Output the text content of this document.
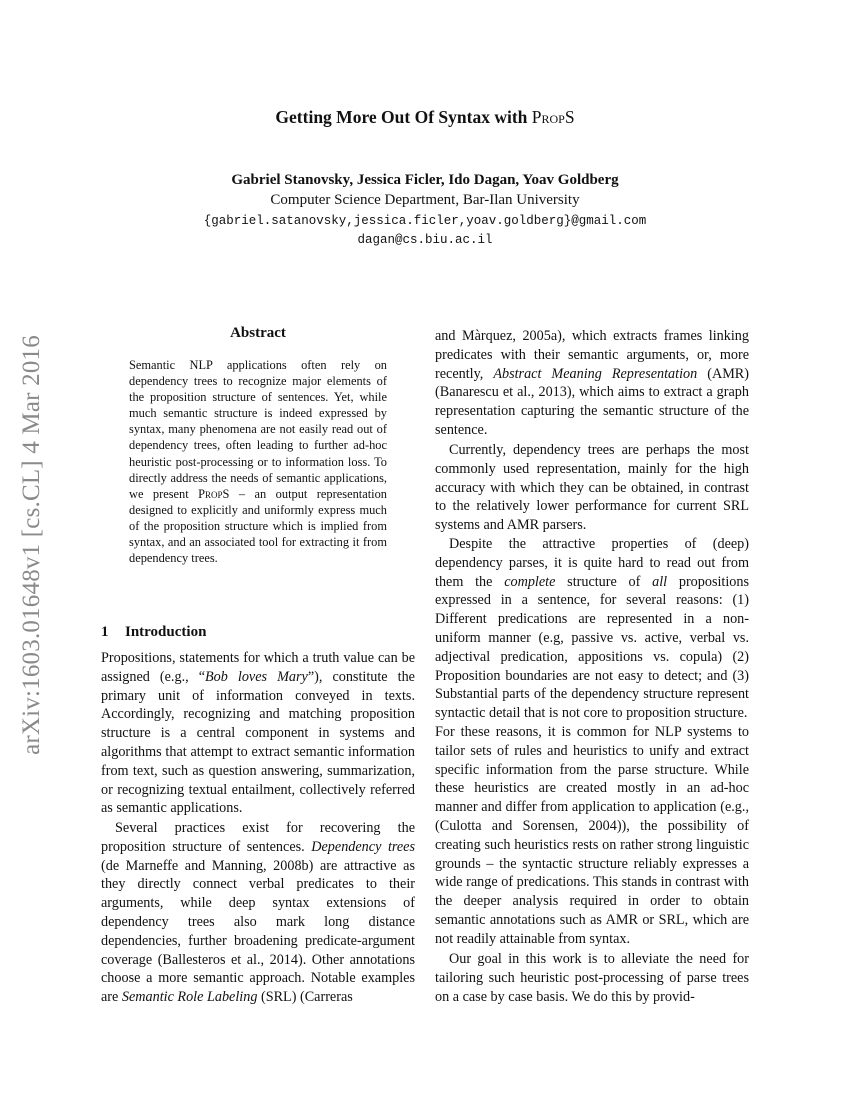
arXiv:1603.01648v1 [cs.CL] 4 Mar 2016
Getting More Out Of Syntax with PropS
Gabriel Stanovsky, Jessica Ficler, Ido Dagan, Yoav Goldberg
Computer Science Department, Bar-Ilan University
{gabriel.satanovsky,jessica.ficler,yoav.goldberg}@gmail.com
dagan@cs.biu.ac.il
Abstract

Semantic NLP applications often rely on dependency trees to recognize major elements of the proposition structure of sentences. Yet, while much semantic structure is indeed expressed by syntax, many phenomena are not easily read out of dependency trees, often leading to further ad-hoc heuristic post-processing or to information loss. To directly address the needs of semantic applications, we present PropS – an output representation designed to explicitly and uniformly express much of the proposition structure which is implied from syntax, and an associated tool for extracting it from dependency trees.

1 Introduction

Propositions, statements for which a truth value can be assigned (e.g., “Bob loves Mary”), constitute the primary unit of information conveyed in texts. Accordingly, recognizing and matching proposition structure is a central component in systems and algorithms that attempt to extract semantic information from text, such as question answering, summarization, or recognizing textual entailment, collectively referred as semantic applications.

Several practices exist for recovering the proposition structure of sentences. Dependency trees (de Marneffe and Manning, 2008b) are attractive as they directly connect verbal predicates to their arguments, while deep syntax extensions of dependency trees also mark long distance dependencies, further broadening predicate-argument coverage (Ballesteros et al., 2014). Other annotations choose a more semantic approach. Notable examples are Semantic Role Labeling (SRL) (Carreras

and Màrquez, 2005a), which extracts frames linking predicates with their semantic arguments, or, more recently, Abstract Meaning Representation (AMR) (Banarescu et al., 2013), which aims to extract a graph representation capturing the semantic structure of the sentence.

Currently, dependency trees are perhaps the most commonly used representation, mainly for the high accuracy with which they can be obtained, in contrast to the relatively lower performance for current SRL systems and AMR parsers.

Despite the attractive properties of (deep) dependency parses, it is quite hard to read out from them the complete structure of all propositions expressed in a sentence, for several reasons: (1) Different predications are represented in a non-uniform manner (e.g, passive vs. active, verbal vs. adjectival predication, appositions vs. copula) (2) Proposition boundaries are not easy to detect; and (3) Substantial parts of the dependency structure represent syntactic detail that is not core to proposition structure.

For these reasons, it is common for NLP systems to tailor sets of rules and heuristics to unify and extract specific information from the parse structure. While these heuristics are created mostly in an ad-hoc manner and differ from application to application (e.g., (Culotta and Sorensen, 2004)), the possibility of creating such heuristics rests on rather strong linguistic grounds – the syntactic structure reliably expresses a wide range of predications. This stands in contrast with the deeper analysis required in order to obtain semantic annotations such as AMR or SRL, which are not readily attainable from syntax.

Our goal in this work is to alleviate the need for tailoring such heuristic post-processing of parse trees on a case by case basis. We do this by provid-
